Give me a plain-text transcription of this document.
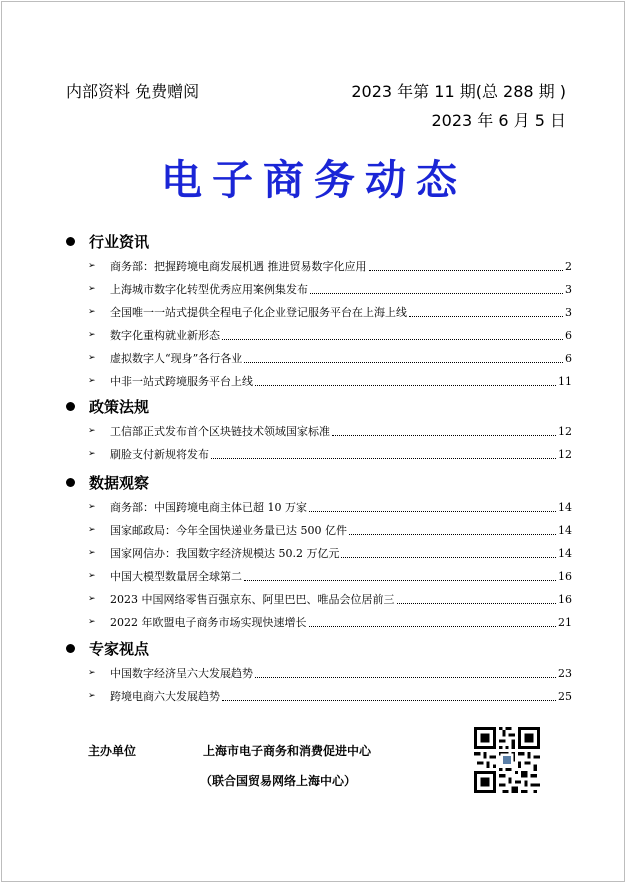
内部资料 免费赠阅	2023 年第 11 期(总 288 期 )
2023 年 6 月 5 日
电子商务动态
行业资讯
➢ 商务部：把握跨境电商发展机遇 推进贸易数字化应用	2
➢ 上海城市数字化转型优秀应用案例集发布	3
➢ 全国唯一一站式提供全程电子化企业登记服务平台在上海上线	3
➢ 数字化重构就业新形态	6
➢ 虚拟数字人“现身”各行各业	6
➢ 中非一站式跨境服务平台上线	11
政策法规
➢ 工信部正式发布首个区块链技术领域国家标准	12
➢ 刷脸支付新规将发布	12
数据观察
➢ 商务部：中国跨境电商主体已超 10 万家	14
➢ 国家邮政局：今年全国快递业务量已达 500 亿件	14
➢ 国家网信办：我国数字经济规模达 50.2 万亿元	14
➢ 中国大模型数量居全球第二	16
➢ 2023 中国网络零售百强京东、阿里巴巴、唯品会位居前三	16
➢ 2022 年欧盟电子商务市场实现快速增长	21
专家视点
➢ 中国数字经济呈六大发展趋势	23
➢ 跨境电商六大发展趋势	25
主办单位	上海市电子商务和消费促进中心
（联合国贸易网络上海中心）
